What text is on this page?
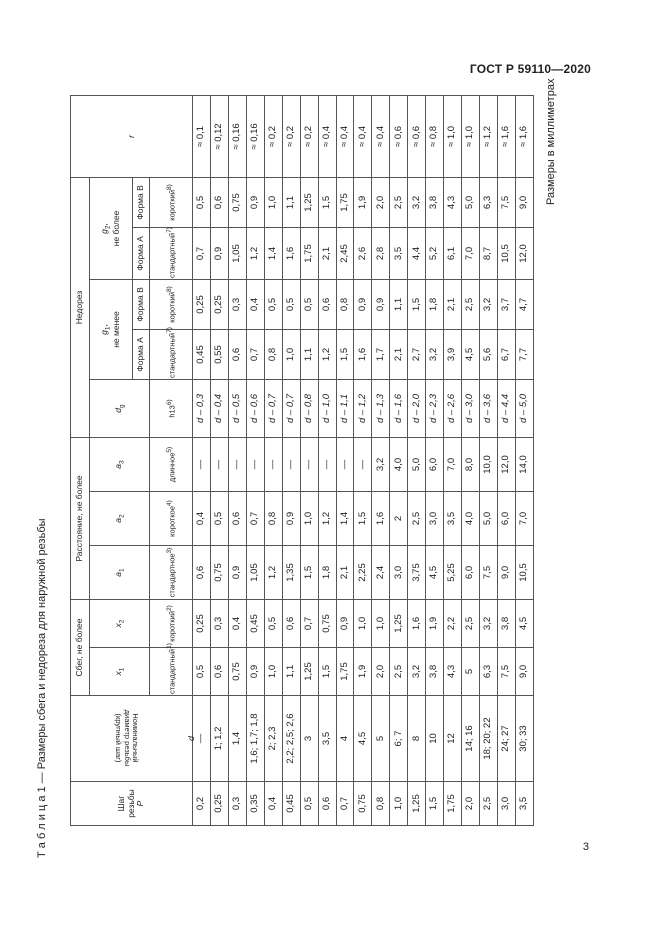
ГОСТ Р 59110—2020
Т а б л и ц а 1 — Размеры сбега и недореза для наружной резьбы
Размеры в миллиметрах
Шаг резьбы
P	Номинальный диаметр резьбы (крупный шаг) d	Сбег, не более		Расстояние, не более			Недорез					r
		$x_1$	$x_2$	$a_1$	$a_2$	$a_3$	$d_g$	$g_1$, не менее		$g_2$, не более		
								Форма А	Форма В	Форма А	Форма В	
		стандартный1)	короткий2)	стандартное3)	короткое4)	длинное5)	h136)	стандартный7)	короткий8)	стандартный7)	короткий8)	
0,2	—	0,5	0,25	0,6	0,4	—	d – 0,3	0,45	0,25	0,7	0,5	≈ 0,1
0,25	1; 1,2	0,6	0,3	0,75	0,5	—	d – 0,4	0,55	0,25	0,9	0,6	≈ 0,12
0,3	1,4	0,75	0,4	0,9	0,6	—	d – 0,5	0,6	0,3	1,05	0,75	≈ 0,16
0,35	1,6; 1,7; 1,8	0,9	0,45	1,05	0,7	—	d – 0,6	0,7	0,4	1,2	0,9	≈ 0,16
0,4	2; 2,3	1,0	0,5	1,2	0,8	—	d – 0,7	0,8	0,5	1,4	1,0	≈ 0,2
0,45	2,2; 2,5; 2,6	1,1	0,6	1,35	0,9	—	d – 0,7	1,0	0,5	1,6	1,1	≈ 0,2
0,5	3	1,25	0,7	1,5	1,0	—	d – 0,8	1,1	0,5	1,75	1,25	≈ 0,2
0,6	3,5	1,5	0,75	1,8	1,2	—	d – 1,0	1,2	0,6	2,1	1,5	≈ 0,4
0,7	4	1,75	0,9	2,1	1,4	—	d – 1,1	1,5	0,8	2,45	1,75	≈ 0,4
0,75	4,5	1,9	1,0	2,25	1,5	—	d – 1,2	1,6	0,9	2,6	1,9	≈ 0,4
0,8	5	2,0	1,0	2,4	1,6	3,2	d – 1,3	1,7	0,9	2,8	2,0	≈ 0,4
1,0	6; 7	2,5	1,25	3,0	2	4,0	d – 1,6	2,1	1,1	3,5	2,5	≈ 0,6
1,25	8	3,2	1,6	3,75	2,5	5,0	d – 2,0	2,7	1,5	4,4	3,2	≈ 0,6
1,5	10	3,8	1,9	4,5	3,0	6,0	d – 2,3	3,2	1,8	5,2	3,8	≈ 0,8
1,75	12	4,3	2,2	5,25	3,5	7,0	d – 2,6	3,9	2,1	6,1	4,3	≈ 1,0
2,0	14; 16	5	2,5	6,0	4,0	8,0	d – 3,0	4,5	2,5	7,0	5,0	≈ 1,0
2,5	18; 20; 22	6,3	3,2	7,5	5,0	10,0	d – 3,6	5,6	3,2	8,7	6,3	≈ 1,2
3,0	24; 27	7,5	3,8	9,0	6,0	12,0	d – 4,4	6,7	3,7	10,5	7,5	≈ 1,6
3,5	30; 33	9,0	4,5	10,5	7,0	14,0	d – 5,0	7,7	4,7	12,0	9,0	≈ 1,6
3
